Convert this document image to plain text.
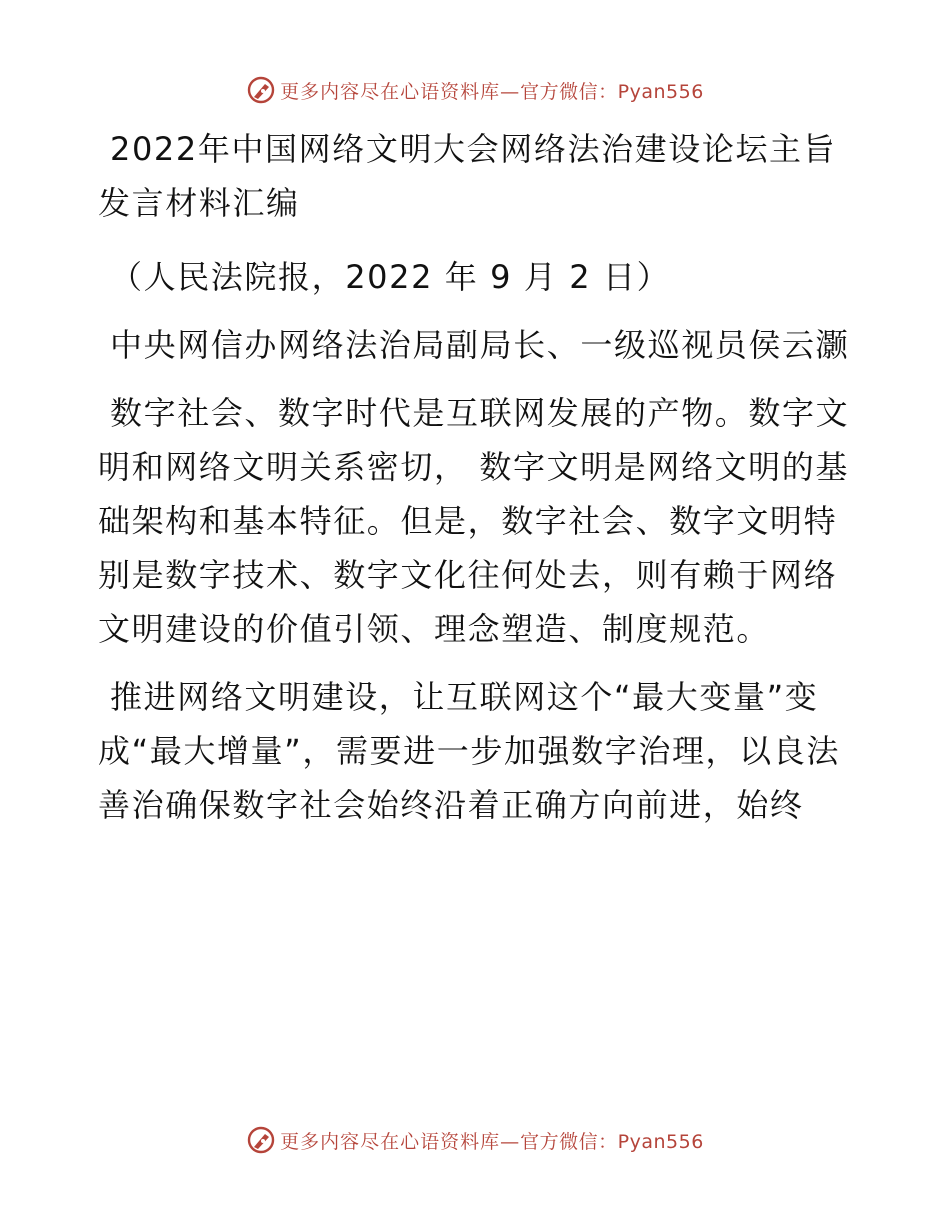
更多内容尽在心语资料库— 官方微信：Pyan556

2022年中国网络文明大会网络法治建设论坛主旨发言材料汇编

（人民法院报，2022 年 9 月 2 日）

中央网信办网络法治局副局长、一级巡视员侯云灏

数字社会、数字时代是互联网发展的产物。数字文明和网络文明关系密切， 数字文明是网络文明的基础架构和基本特征。但是，数字社会、数字文明特别是数字技术、数字文化往何处去，则有赖于网络文明建设的价值引领、理念塑造、制度规范。

推进网络文明建设，让互联网这个“最大变量”变成“最大增量”，需要进一步加强数字治理，以良法善治确保数字社会始终沿着正确方向前进，始终

更多内容尽在心语资料库— 官方微信：Pyan556
